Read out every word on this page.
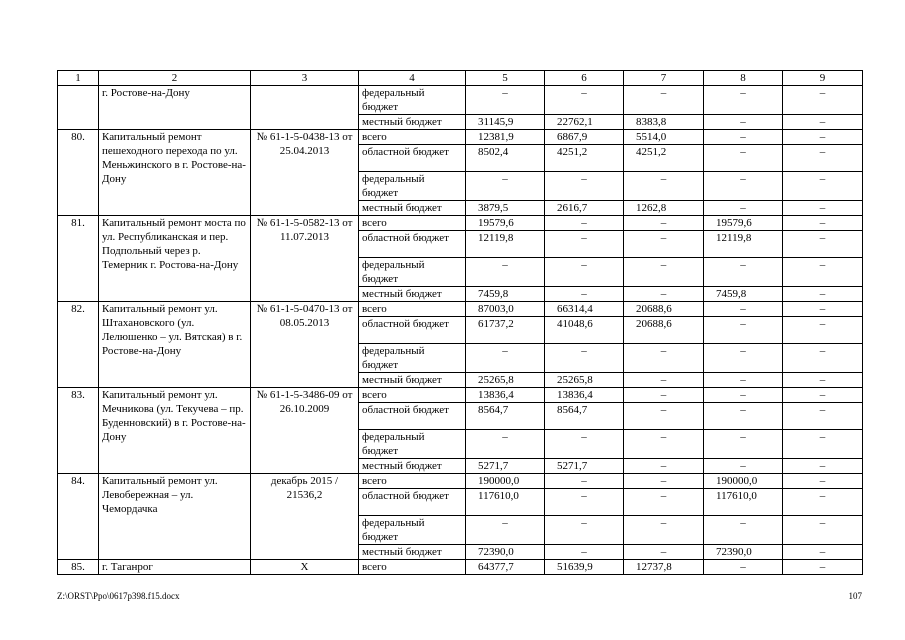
1	2	3	4	5	6	7	8	9
	г. Ростове-на-Дону		федеральный бюджет	–	–	–	–	–
			местный бюджет	31145,9	22762,1	8383,8	–	–
80.	Капитальный ремонт пешеходного перехода по ул. Меньжинского в г. Ростове-на-Дону	№ 61-1-5-0438-13 от 25.04.2013	всего	12381,9	6867,9	5514,0	–	–
			областной бюджет	8502,4	4251,2	4251,2	–	–
			федеральный бюджет	–	–	–	–	–
			местный бюджет	3879,5	2616,7	1262,8	–	–
81.	Капитальный ремонт моста по ул. Республиканская и пер. Подпольный через р. Темерник г. Ростова-на-Дону	№ 61-1-5-0582-13 от 11.07.2013	всего	19579,6	–	–	19579,6	–
			областной бюджет	12119,8	–	–	12119,8	–
			федеральный бюджет	–	–	–	–	–
			местный бюджет	7459,8	–	–	7459,8	–
82.	Капитальный ремонт ул. Штахановского (ул. Лелюшенко – ул. Вятская) в г. Ростове-на-Дону	№ 61-1-5-0470-13 от 08.05.2013	всего	87003,0	66314,4	20688,6	–	–
			областной бюджет	61737,2	41048,6	20688,6	–	–
			федеральный бюджет	–	–	–	–	–
			местный бюджет	25265,8	25265,8	–	–	–
83.	Капитальный ремонт ул. Мечникова (ул. Текучева – пр. Буденновский) в г. Ростове-на-Дону	№ 61-1-5-3486-09 от 26.10.2009	всего	13836,4	13836,4	–	–	–
			областной бюджет	8564,7	8564,7	–	–	–
			федеральный бюджет	–	–	–	–	–
			местный бюджет	5271,7	5271,7	–	–	–
84.	Капитальный ремонт ул. Левобережная – ул. Чемордачка	декабрь 2015 / 21536,2	всего	190000,0	–	–	190000,0	–
			областной бюджет	117610,0	–	–	117610,0	–
			федеральный бюджет	–	–	–	–	–
			местный бюджет	72390,0	–	–	72390,0	–
85.	г. Таганрог	Х	всего	64377,7	51639,9	12737,8	–	–
Z:\ORST\Ppo\0617p398.f15.docx	107
